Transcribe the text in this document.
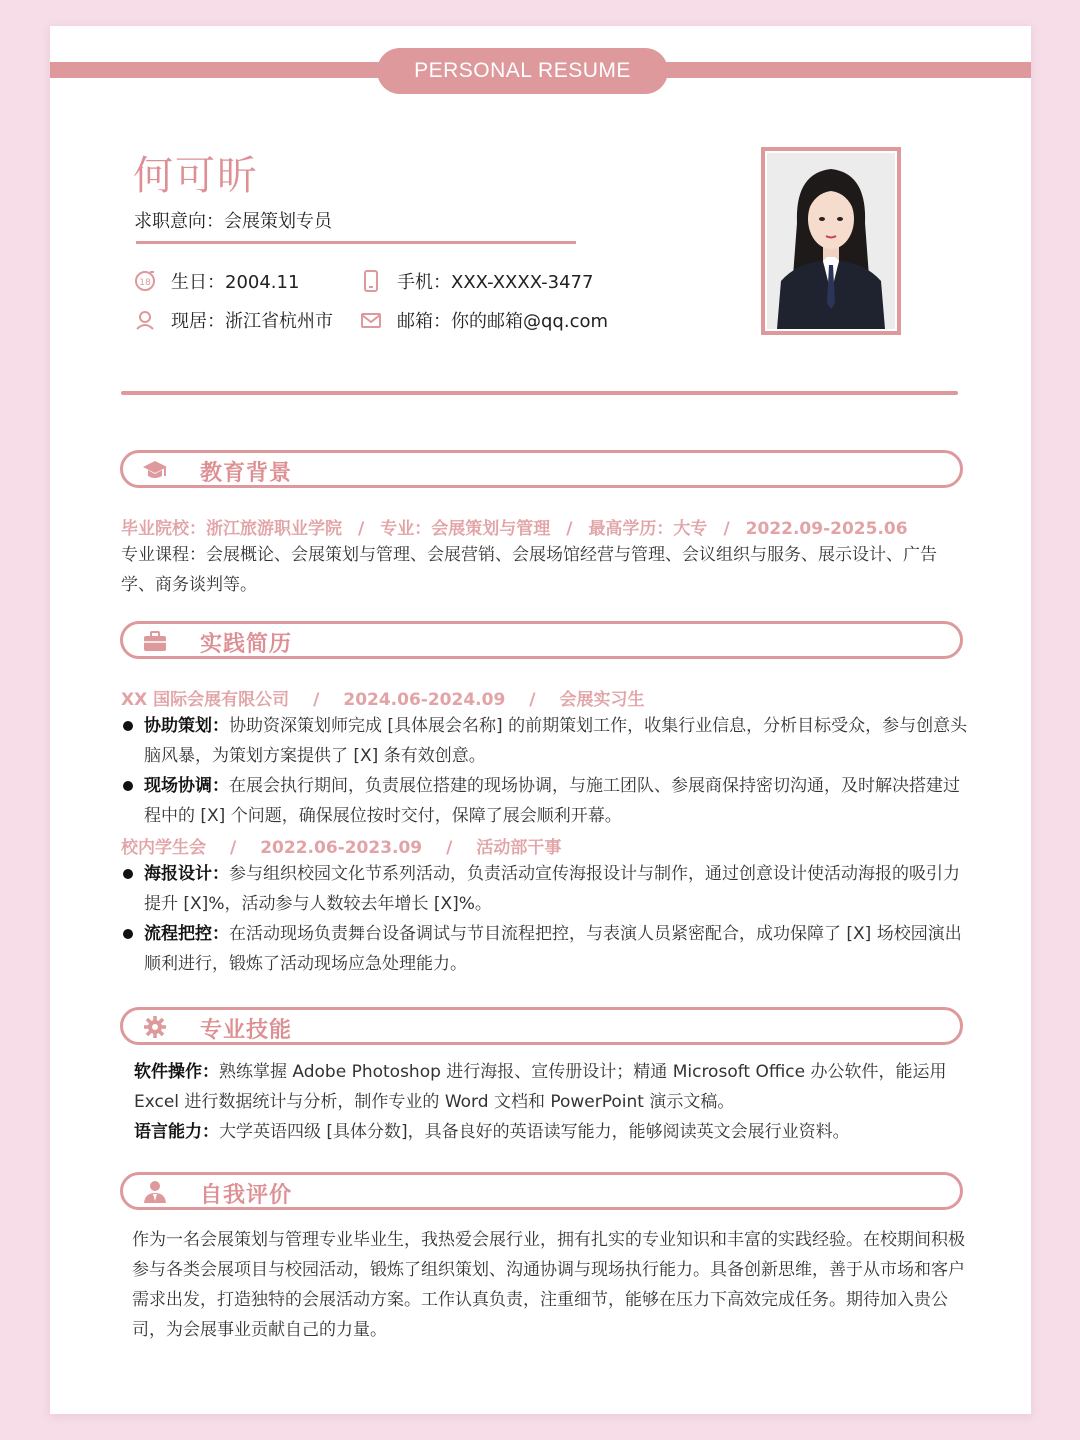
PERSONAL RESUME
何可昕
求职意向：会展策划专员
18 生日：2004.11	手机：XXX-XXXX-3477
现居：浙江省杭州市	邮箱：你的邮箱@qq.com
教育背景
毕业院校：浙江旅游职业学院 / 专业：会展策划与管理 / 最高学历：大专 / 2022.09-2025.06
专业课程：会展概论、会展策划与管理、会展营销、会展场馆经营与管理、会议组织与服务、展示设计、广告学、商务谈判等。
实践简历
XX 国际会展有限公司 / 2024.06-2024.09 / 会展实习生
协助策划：协助资深策划师完成 [具体展会名称] 的前期策划工作，收集行业信息，分析目标受众，参与创意头脑风暴，为策划方案提供了 [X] 条有效创意。
现场协调：在展会执行期间，负责展位搭建的现场协调，与施工团队、参展商保持密切沟通，及时解决搭建过程中的 [X] 个问题，确保展位按时交付，保障了展会顺利开幕。
校内学生会 / 2022.06-2023.09 / 活动部干事
海报设计：参与组织校园文化节系列活动，负责活动宣传海报设计与制作，通过创意设计使活动海报的吸引力提升 [X]%，活动参与人数较去年增长 [X]%。
流程把控：在活动现场负责舞台设备调试与节目流程把控，与表演人员紧密配合，成功保障了 [X] 场校园演出顺利进行，锻炼了活动现场应急处理能力。
专业技能
软件操作：熟练掌握 Adobe Photoshop 进行海报、宣传册设计；精通 Microsoft Office 办公软件，能运用 Excel 进行数据统计与分析，制作专业的 Word 文档和 PowerPoint 演示文稿。
语言能力：大学英语四级 [具体分数]，具备良好的英语读写能力，能够阅读英文会展行业资料。
自我评价
作为一名会展策划与管理专业毕业生，我热爱会展行业，拥有扎实的专业知识和丰富的实践经验。在校期间积极参与各类会展项目与校园活动，锻炼了组织策划、沟通协调与现场执行能力。具备创新思维，善于从市场和客户需求出发，打造独特的会展活动方案。工作认真负责，注重细节，能够在压力下高效完成任务。期待加入贵公司，为会展事业贡献自己的力量。
